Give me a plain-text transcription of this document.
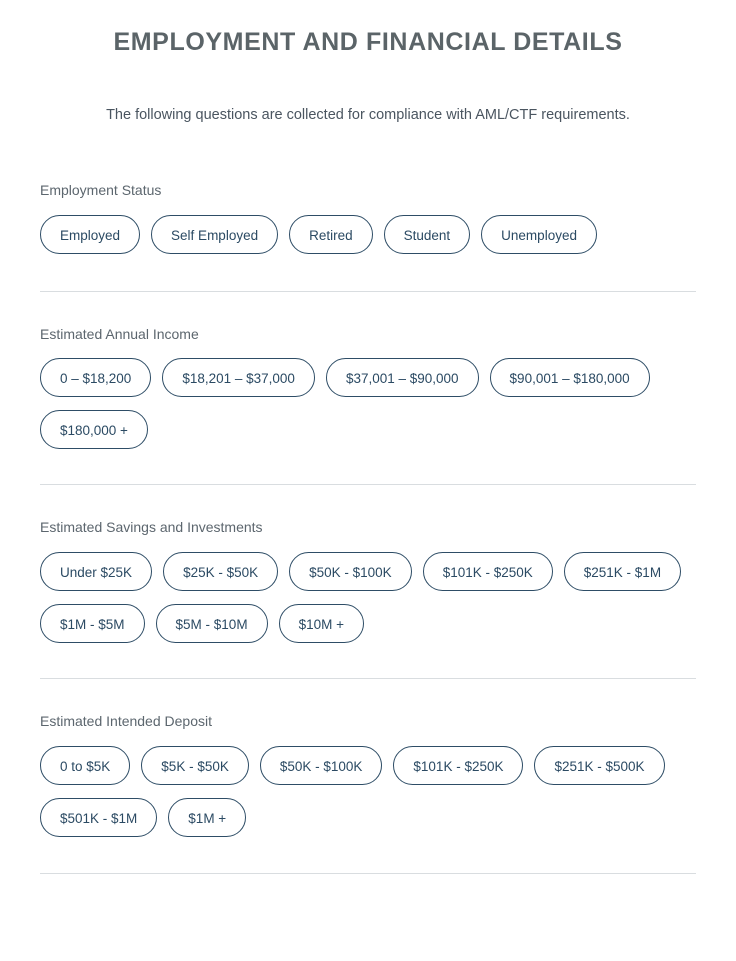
EMPLOYMENT AND FINANCIAL DETAILS

The following questions are collected for compliance with AML/CTF requirements.

Employment Status
Employed	Self Employed	Retired	Student	Unemployed
Estimated Annual Income
0 – $18,200	$18,201 – $37,000	$37,001 – $90,000	$90,001 – $180,000
$180,000 +
Estimated Savings and Investments
Under $25K	$25K - $50K	$50K - $100K	$101K - $250K	$251K - $1M
$1M - $5M	$5M - $10M	$10M +
Estimated Intended Deposit
0 to $5K	$5K - $50K	$50K - $100K	$101K - $250K	$251K - $500K
$501K - $1M	$1M +
